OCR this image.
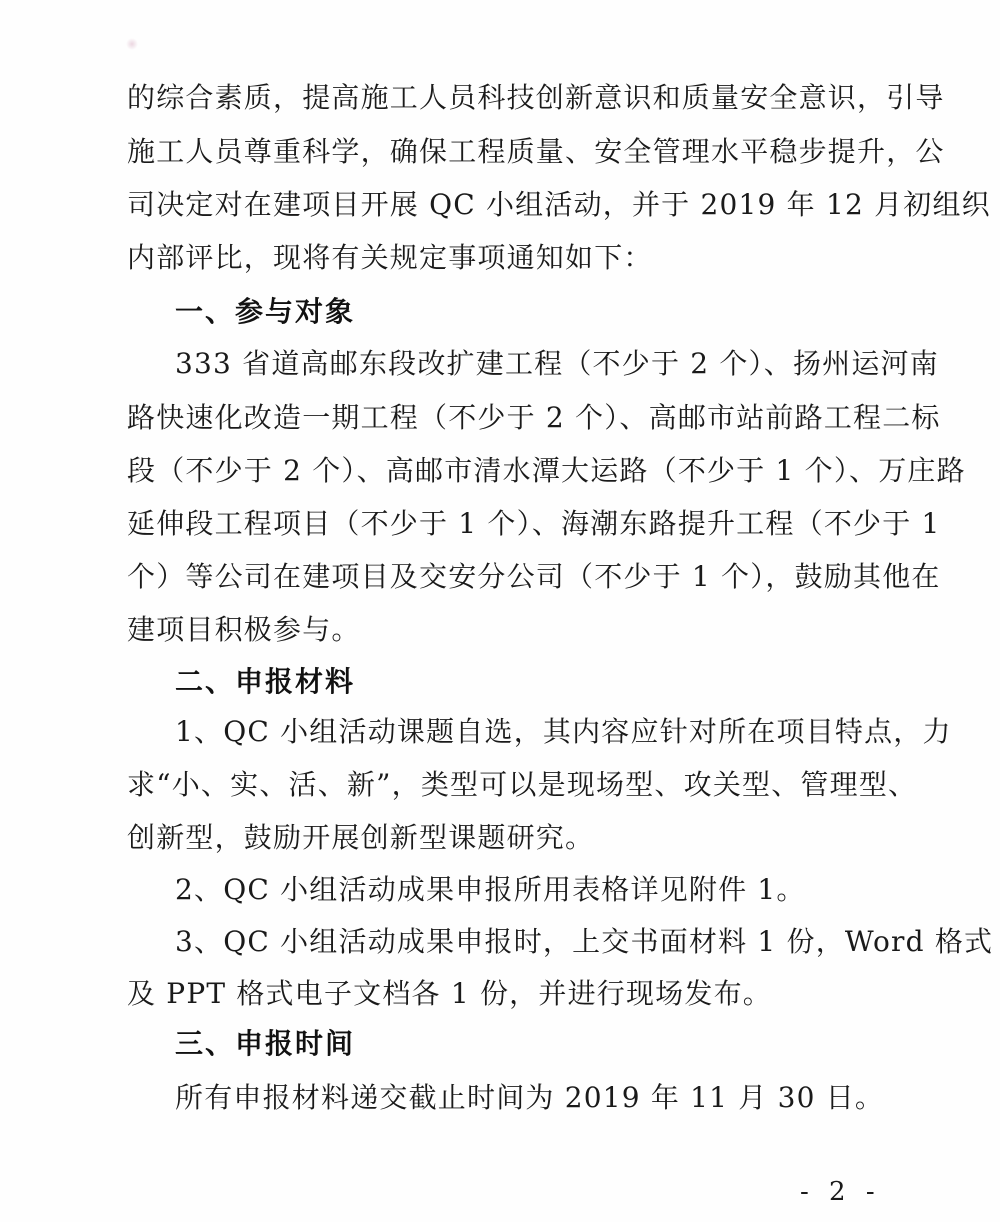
的综合素质，提高施工人员科技创新意识和质量安全意识，引导
施工人员尊重科学，确保工程质量、安全管理水平稳步提升，公
司决定对在建项目开展 QC 小组活动，并于 2019 年 12 月初组织
内部评比，现将有关规定事项通知如下：
一、参与对象
333 省道高邮东段改扩建工程（不少于 2 个）、扬州运河南
路快速化改造一期工程（不少于 2 个）、高邮市站前路工程二标
段（不少于 2 个）、高邮市清水潭大运路（不少于 1 个）、万庄路
延伸段工程项目（不少于 1 个）、海潮东路提升工程（不少于 1
个）等公司在建项目及交安分公司（不少于 1 个），鼓励其他在
建项目积极参与。
二、申报材料
1、QC 小组活动课题自选，其内容应针对所在项目特点，力
求“小、实、活、新”，类型可以是现场型、攻关型、管理型、
创新型，鼓励开展创新型课题研究。
2、QC 小组活动成果申报所用表格详见附件 1。
3、QC 小组活动成果申报时，上交书面材料 1 份，Word 格式
及 PPT 格式电子文档各 1 份，并进行现场发布。
三、申报时间
所有申报材料递交截止时间为 2019 年 11 月 30 日。
- 2 -
